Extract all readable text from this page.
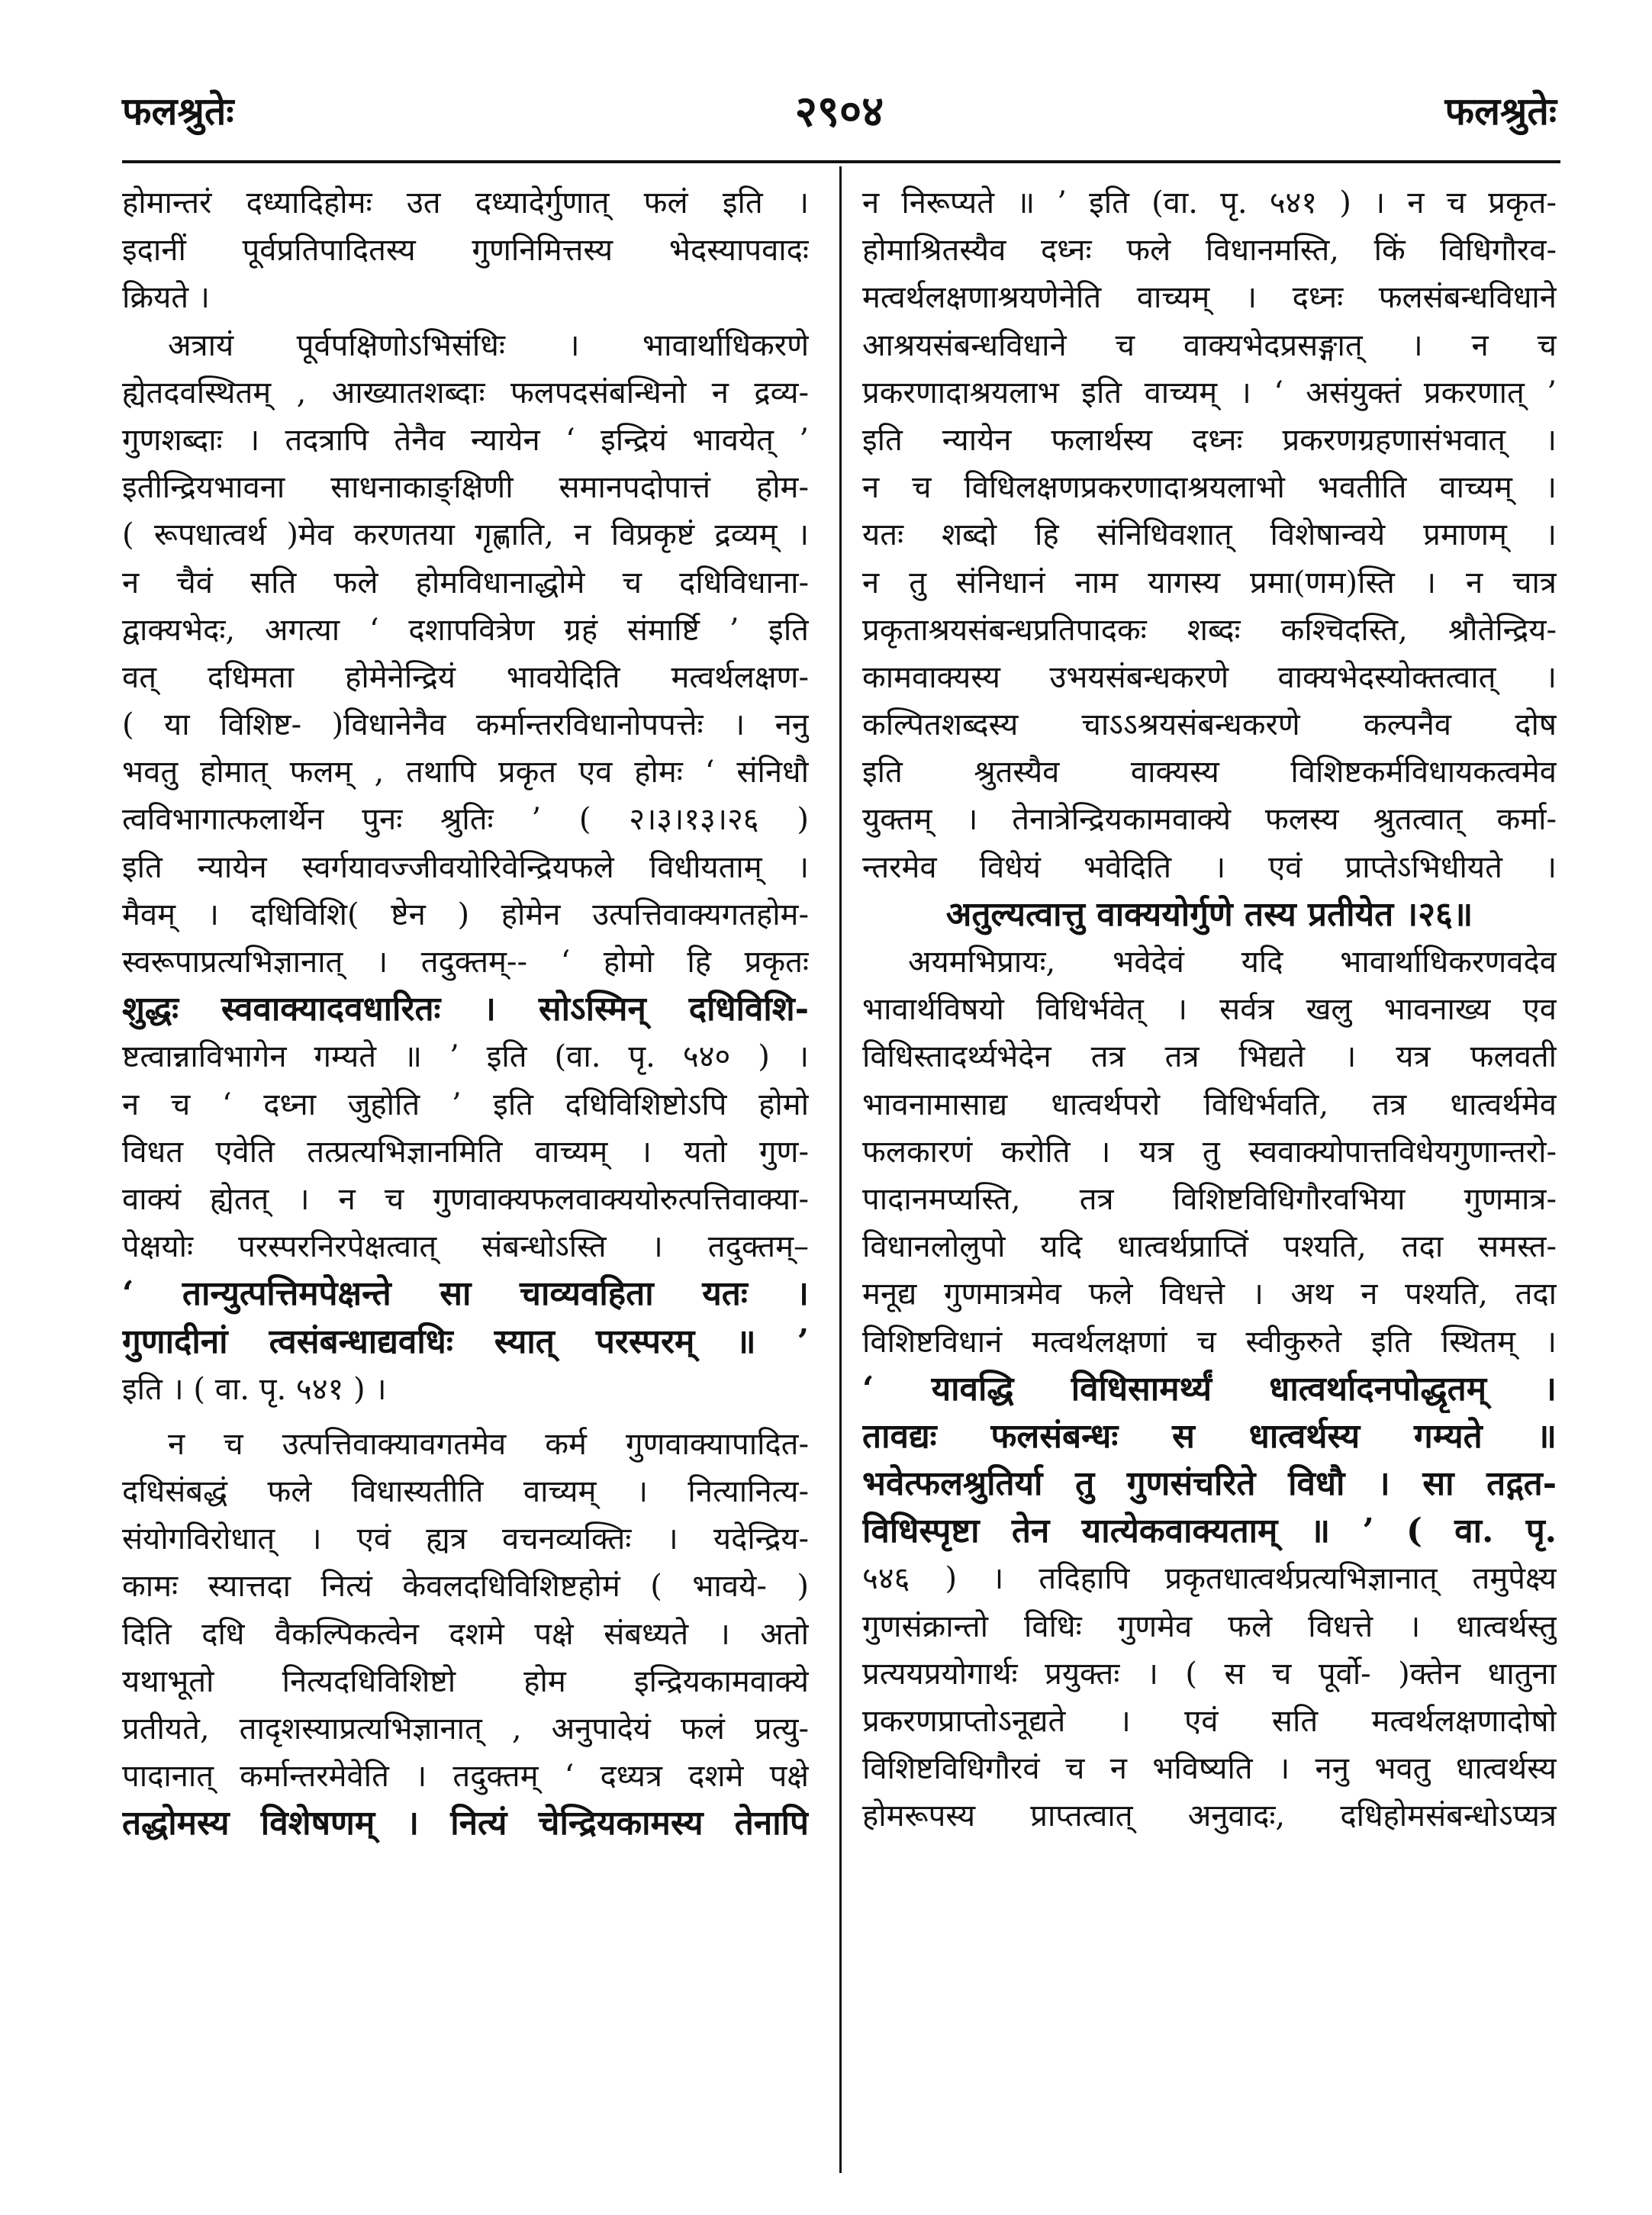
फलश्रुतेः	२९०४	फलश्रुतेः
होमान्तरं दध्यादिहोमः उत दध्यादेर्गुणात् फलं इति ।
इदानीं पूर्वप्रतिपादितस्य गुणनिमित्तस्य भेदस्यापवादः
क्रियते ।
अत्रायं पूर्वपक्षिणोऽभिसंधिः । भावार्थाधिकरणे
ह्येतदवस्थितम् , आख्यातशब्दाः फलपदसंबन्धिनो न द्रव्य-
गुणशब्दाः । तदत्रापि तेनैव न्यायेन ‘ इन्द्रियं भावयेत् ’
इतीन्द्रियभावना साधनाकाङ्क्षिणी समानपदोपात्तं होम-
( रूपधात्वर्थ )मेव करणतया गृह्णाति, न विप्रकृष्टं द्रव्यम् ।
न चैवं सति फले होमविधानाद्धोमे च दधिविधाना-
द्वाक्यभेदः, अगत्या ‘ दशापवित्रेण ग्रहं संमार्ष्टि ’ इति
वत् दधिमता होमेनेन्द्रियं भावयेदिति मत्वर्थलक्षण-
( या विशिष्ट- )विधानेनैव कर्मान्तरविधानोपपत्तेः । ननु
भवतु होमात् फलम् , तथापि प्रकृत एव होमः ‘ संनिधौ
त्वविभागात्फलार्थेन पुनः श्रुतिः ’ ( २।३।१३।२६ )
इति न्यायेन स्वर्गयावज्जीवयोरिवेन्द्रियफले विधीयताम् ।
मैवम् । दधिविशि( ष्टेन ) होमेन उत्पत्तिवाक्यगतहोम-
स्वरूपाप्रत्यभिज्ञानात् । तदुक्तम्-- ‘ होमो हि प्रकृतः
शुद्धः स्ववाक्यादवधारितः । सोऽस्मिन् दधिविशि-
ष्टत्वान्नाविभागेन गम्यते ॥ ’ इति (वा. पृ. ५४० ) ।
न च ‘ दध्ना जुहोति ’ इति दधिविशिष्टोऽपि होमो
विधत एवेति तत्प्रत्यभिज्ञानमिति वाच्यम् । यतो गुण-
वाक्यं ह्येतत् । न च गुणवाक्यफलवाक्ययोरुत्पत्तिवाक्या-
पेक्षयोः परस्परनिरपेक्षत्वात् संबन्धोऽस्ति । तदुक्तम्–
‘ तान्युत्पत्तिमपेक्षन्ते सा चाव्यवहिता यतः ।
गुणादीनां त्वसंबन्धाद्यवधिः स्यात् परस्परम् ॥ ’
इति । ( वा. पृ. ५४१ ) ।
न च उत्पत्तिवाक्यावगतमेव कर्म गुणवाक्यापादित-
दधिसंबद्धं फले विधास्यतीति वाच्यम् । नित्यानित्य-
संयोगविरोधात् । एवं ह्यत्र वचनव्यक्तिः । यदेन्द्रिय-
कामः स्यात्तदा नित्यं केवलदधिविशिष्टहोमं ( भावये- )
दिति दधि वैकल्पिकत्वेन दशमे पक्षे संबध्यते । अतो
यथाभूतो नित्यदधिविशिष्टो होम इन्द्रियकामवाक्ये
प्रतीयते, तादृशस्याप्रत्यभिज्ञानात् , अनुपादेयं फलं प्रत्यु-
पादानात् कर्मान्तरमेवेति । तदुक्तम् ‘ दध्यत्र दशमे पक्षे
तद्धोमस्य विशेषणम् । नित्यं चेन्द्रियकामस्य तेनापि
न निरूप्यते ॥ ’ इति (वा. पृ. ५४१ ) । न च प्रकृत-
होमाश्रितस्यैव दध्नः फले विधानमस्ति, किं विधिगौरव-
मत्वर्थलक्षणाश्रयणेनेति वाच्यम् । दध्नः फलसंबन्धविधाने
आश्रयसंबन्धविधाने च वाक्यभेदप्रसङ्गात् । न च
प्रकरणादाश्रयलाभ इति वाच्यम् । ‘ असंयुक्तं प्रकरणात् ’
इति न्यायेन फलार्थस्य दध्नः प्रकरणग्रहणासंभवात् ।
न च विधिलक्षणप्रकरणादाश्रयलाभो भवतीति वाच्यम् ।
यतः शब्दो हि संनिधिवशात् विशेषान्वये प्रमाणम् ।
न तु संनिधानं नाम यागस्य प्रमा(णम)स्ति । न चात्र
प्रकृताश्रयसंबन्धप्रतिपादकः शब्दः कश्चिदस्ति, श्रौतेन्द्रिय-
कामवाक्यस्य उभयसंबन्धकरणे वाक्यभेदस्योक्तत्वात् ।
कल्पितशब्दस्य चाऽऽश्रयसंबन्धकरणे कल्पनैव दोष
इति श्रुतस्यैव वाक्यस्य विशिष्टकर्मविधायकत्वमेव
युक्तम् । तेनात्रेन्द्रियकामवाक्ये फलस्य श्रुतत्वात् कर्मा-
न्तरमेव विधेयं भवेदिति । एवं प्राप्तेऽभिधीयते ।
अतुल्यत्वात्तु वाक्ययोर्गुणे तस्य प्रतीयेत ।२६॥
अयमभिप्रायः, भवेदेवं यदि भावार्थाधिकरणवदेव
भावार्थविषयो विधिर्भवेत् । सर्वत्र खलु भावनाख्य एव
विधिस्तादर्थ्यभेदेन तत्र तत्र भिद्यते । यत्र फलवती
भावनामासाद्य धात्वर्थपरो विधिर्भवति, तत्र धात्वर्थमेव
फलकारणं करोति । यत्र तु स्ववाक्योपात्तविधेयगुणान्तरो-
पादानमप्यस्ति, तत्र विशिष्टविधिगौरवभिया गुणमात्र-
विधानलोलुपो यदि धात्वर्थप्राप्तिं पश्यति, तदा समस्त-
मनूद्य गुणमात्रमेव फले विधत्ते । अथ न पश्यति, तदा
विशिष्टविधानं मत्वर्थलक्षणां च स्वीकुरुते इति स्थितम् ।
‘ यावद्धि विधिसामर्थ्यं धात्वर्थादनपोद्धृतम् ।
तावद्यः फलसंबन्धः स धात्वर्थस्य गम्यते ॥
भवेत्फलश्रुतिर्या तु गुणसंचरिते विधौ । सा तद्गत-
विधिस्पृष्टा तेन यात्येकवाक्यताम् ॥ ’ ( वा. पृ.
५४६ ) । तदिहापि प्रकृतधात्वर्थप्रत्यभिज्ञानात् तमुपेक्ष्य
गुणसंक्रान्तो विधिः गुणमेव फले विधत्ते । धात्वर्थस्तु
प्रत्ययप्रयोगार्थः प्रयुक्तः । ( स च पूर्वो- )क्तेन धातुना
प्रकरणप्राप्तोऽनूद्यते । एवं सति मत्वर्थलक्षणादोषो
विशिष्टविधिगौरवं च न भविष्यति । ननु भवतु धात्वर्थस्य
होमरूपस्य प्राप्तत्वात् अनुवादः, दधिहोमसंबन्धोऽप्यत्र
